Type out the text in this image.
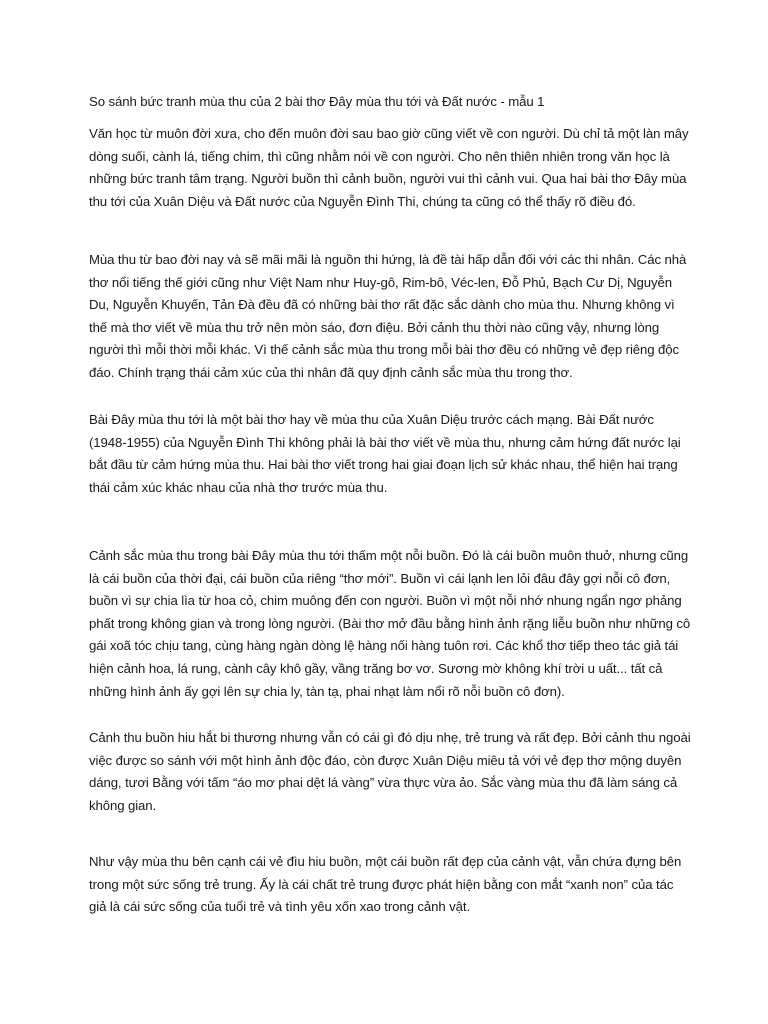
So sánh bức tranh mùa thu của 2 bài thơ Đây mùa thu tới và Đất nước - mẫu 1

Văn học từ muôn đời xưa, cho đến muôn đời sau bao giờ cũng viết về con người. Dù chỉ tả một làn mây dòng suối, cành lá, tiếng chim, thì cũng nhằm nói về con người. Cho nên thiên nhiên trong văn học là những bức tranh tâm trạng. Người buồn thì cảnh buồn, người vui thì cảnh vui. Qua hai bài thơ Đây mùa thu tới của Xuân Diệu và Đất nước của Nguyễn Đình Thi, chúng ta cũng có thể thấy rõ điều đó.

Mùa thu từ bao đời nay và sẽ mãi mãi là nguồn thi hứng, là đề tài hấp dẫn đối với các thi nhân. Các nhà thơ nổi tiếng thế giới cũng như Việt Nam như Huy-gô, Rim-bô, Véc-len, Đỗ Phủ, Bạch Cư Dị, Nguyễn Du, Nguyễn Khuyến, Tản Đà đều đã có những bài thơ rất đặc sắc dành cho mùa thu. Nhưng không vì thế mà thơ viết về mùa thu trở nên mòn sáo, đơn điệu. Bởi cảnh thu thời nào cũng vậy, nhưng lòng người thì mỗi thời mỗi khác. Vì thế cảnh sắc mùa thu trong mỗi bài thơ đều có những vẻ đẹp riêng độc đáo. Chính trạng thái cảm xúc của thi nhân đã quy định cảnh sắc mùa thu trong thơ.

Bài Đây mùa thu tới là một bài thơ hay về mùa thu của Xuân Diệu trước cách mạng. Bài Đất nước (1948-1955) của Nguyễn Đình Thi không phải là bài thơ viết về mùa thu, nhưng cảm hứng đất nước lại bắt đầu từ cảm hứng mùa thu. Hai bài thơ viết trong hai giai đoạn lịch sử khác nhau, thể hiện hai trạng thái cảm xúc khác nhau của nhà thơ trước mùa thu.

Cảnh sắc mùa thu trong bài Đây mùa thu tới thấm một nỗi buồn. Đó là cái buồn muôn thuở, nhưng cũng là cái buồn của thời đại, cái buồn của riêng “thơ mới”. Buồn vì cái lạnh len lỏi đâu đây gợi nỗi cô đơn, buồn vì sự chia lìa từ hoa cỏ, chim muông đến con người. Buồn vì một nỗi nhớ nhung ngẩn ngơ phảng phất trong không gian và trong lòng người. (Bài thơ mở đầu bằng hình ảnh rặng liễu buồn như những cô gái xoã tóc chịu tang, cùng hàng ngàn dòng lệ hàng nối hàng tuôn rơi. Các khổ thơ tiếp theo tác giả tái hiện cảnh hoa, lá rung, cành cây khô gầy, vầng trăng bơ vơ. Sương mờ không khí trời u uất... tất cả những hình ảnh ấy gợi lên sự chia ly, tàn tạ, phai nhạt làm nổi rõ nỗi buồn cô đơn).

Cảnh thu buồn hiu hắt bi thương nhưng vẫn có cái gì đó dịu nhẹ, trẻ trung và rất đẹp. Bởi cảnh thu ngoài việc được so sánh với một hình ảnh độc đáo, còn được Xuân Diệu miêu tả với vẻ đẹp thơ mộng duyên dáng, tươi Bằng với tấm “áo mơ phai dệt lá vàng” vừa thực vừa ảo. Sắc vàng mùa thu đã làm sáng cả không gian.

Như vậy mùa thu bên cạnh cái vẻ đìu hiu buồn, một cái buồn rất đẹp của cảnh vật, vẫn chứa đựng bên trong một sức sống trẻ trung. Ấy là cái chất trẻ trung được phát hiện bằng con mắt “xanh non” của tác giả là cái sức sống của tuổi trẻ và tình yêu xốn xao trong cảnh vật.
